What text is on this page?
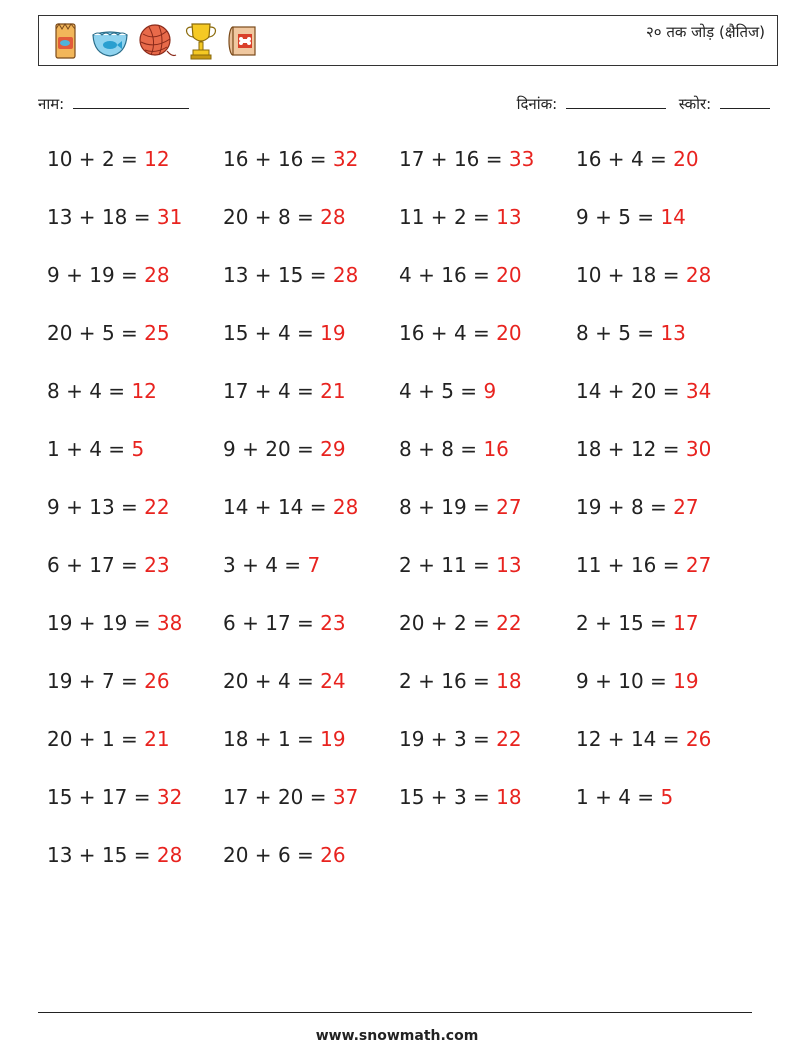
२० तक जोड़ (क्षैतिज)
नाम:	दिनांक:	स्कोर:
10 + 2 = 12
13 + 18 = 31
9 + 19 = 28
20 + 5 = 25
8 + 4 = 12
1 + 4 = 5
9 + 13 = 22
6 + 17 = 23
19 + 19 = 38
19 + 7 = 26
20 + 1 = 21
15 + 17 = 32
13 + 15 = 28
16 + 16 = 32
20 + 8 = 28
13 + 15 = 28
15 + 4 = 19
17 + 4 = 21
9 + 20 = 29
14 + 14 = 28
3 + 4 = 7
6 + 17 = 23
20 + 4 = 24
18 + 1 = 19
17 + 20 = 37
20 + 6 = 26
17 + 16 = 33
11 + 2 = 13
4 + 16 = 20
16 + 4 = 20
4 + 5 = 9
8 + 8 = 16
8 + 19 = 27
2 + 11 = 13
20 + 2 = 22
2 + 16 = 18
19 + 3 = 22
15 + 3 = 18
16 + 4 = 20
9 + 5 = 14
10 + 18 = 28
8 + 5 = 13
14 + 20 = 34
18 + 12 = 30
19 + 8 = 27
11 + 16 = 27
2 + 15 = 17
9 + 10 = 19
12 + 14 = 26
1 + 4 = 5
www.snowmath.com
